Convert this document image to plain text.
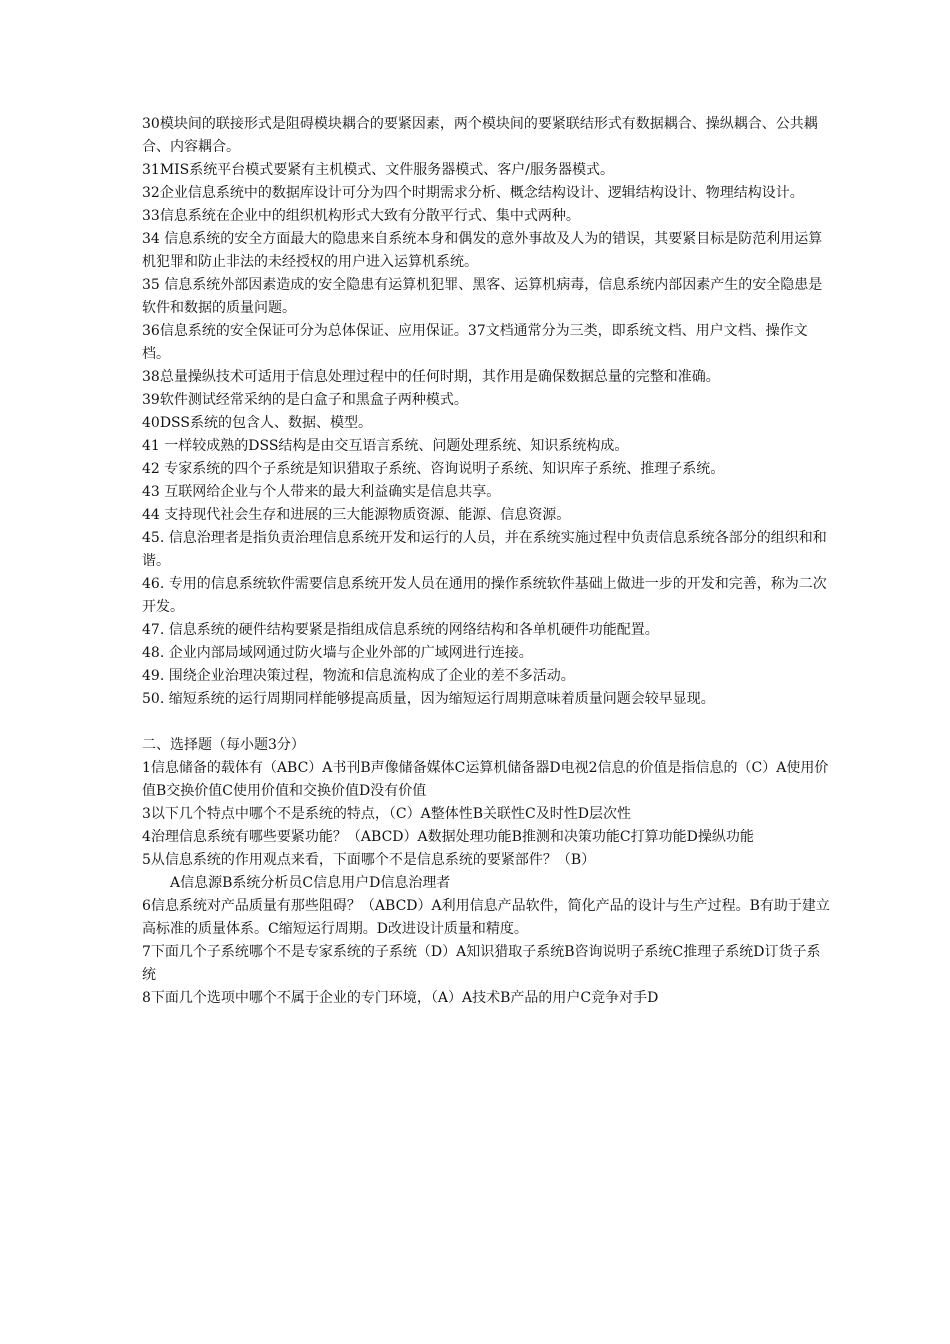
30模块间的联接形式是阻碍模块耦合的要紧因素，两个模块间的要紧联结形式有数据耦合、操纵耦合、公共耦合、内容耦合。

31MIS系统平台模式要紧有主机模式、文件服务器模式、客户/服务器模式。

32企业信息系统中的数据库设计可分为四个时期需求分析、概念结构设计、逻辑结构设计、物理结构设计。

33信息系统在企业中的组织机构形式大致有分散平行式、集中式两种。

34 信息系统的安全方面最大的隐患来自系统本身和偶发的意外事故及人为的错误，其要紧目标是防范利用运算机犯罪和防止非法的未经授权的用户进入运算机系统。

35 信息系统外部因素造成的安全隐患有运算机犯罪、黑客、运算机病毒，信息系统内部因素产生的安全隐患是软件和数据的质量问题。

36信息系统的安全保证可分为总体保证、应用保证。37文档通常分为三类，即系统文档、用户文档、操作文档。

38总量操纵技术可适用于信息处理过程中的任何时期，其作用是确保数据总量的完整和准确。

39软件测试经常采纳的是白盒子和黑盒子两种模式。

40DSS系统的包含人、数据、模型。

41 一样较成熟的DSS结构是由交互语言系统、问题处理系统、知识系统构成。

42 专家系统的四个子系统是知识猎取子系统、咨询说明子系统、知识库子系统、推理子系统。

43 互联网给企业与个人带来的最大利益确实是信息共享。

44 支持现代社会生存和进展的三大能源物质资源、能源、信息资源。

45. 信息治理者是指负责治理信息系统开发和运行的人员，并在系统实施过程中负责信息系统各部分的组织和和谐。

46. 专用的信息系统软件需要信息系统开发人员在通用的操作系统软件基础上做进一步的开发和完善，称为二次开发。

47. 信息系统的硬件结构要紧是指组成信息系统的网络结构和各单机硬件功能配置。

48. 企业内部局域网通过防火墙与企业外部的广域网进行连接。

49. 围绕企业治理决策过程，物流和信息流构成了企业的差不多活动。

50. 缩短系统的运行周期同样能够提高质量，因为缩短运行周期意味着质量问题会较早显现。

二、选择题（每小题3分）

1信息储备的载体有（ABC）A书刊B声像储备媒体C运算机储备器D电视2信息的价值是指信息的（C）A使用价值B交换价值C使用价值和交换价值D没有价值

3以下几个特点中哪个不是系统的特点，（C）A整体性B关联性C及时性D层次性

4治理信息系统有哪些要紧功能？（ABCD）A数据处理功能B推测和决策功能C打算功能D操纵功能

5从信息系统的作用观点来看，下面哪个不是信息系统的要紧部件？（B）

A信息源B系统分析员C信息用户D信息治理者

6信息系统对产品质量有那些阻碍？（ABCD）A利用信息产品软件，简化产品的设计与生产过程。B有助于建立高标准的质量体系。C缩短运行周期。D改进设计质量和精度。

7下面几个子系统哪个不是专家系统的子系统（D）A知识猎取子系统B咨询说明子系统C推理子系统D订货子系统

8下面几个选项中哪个不属于企业的专门环境，（A）A技术B产品的用户C竞争对手D
